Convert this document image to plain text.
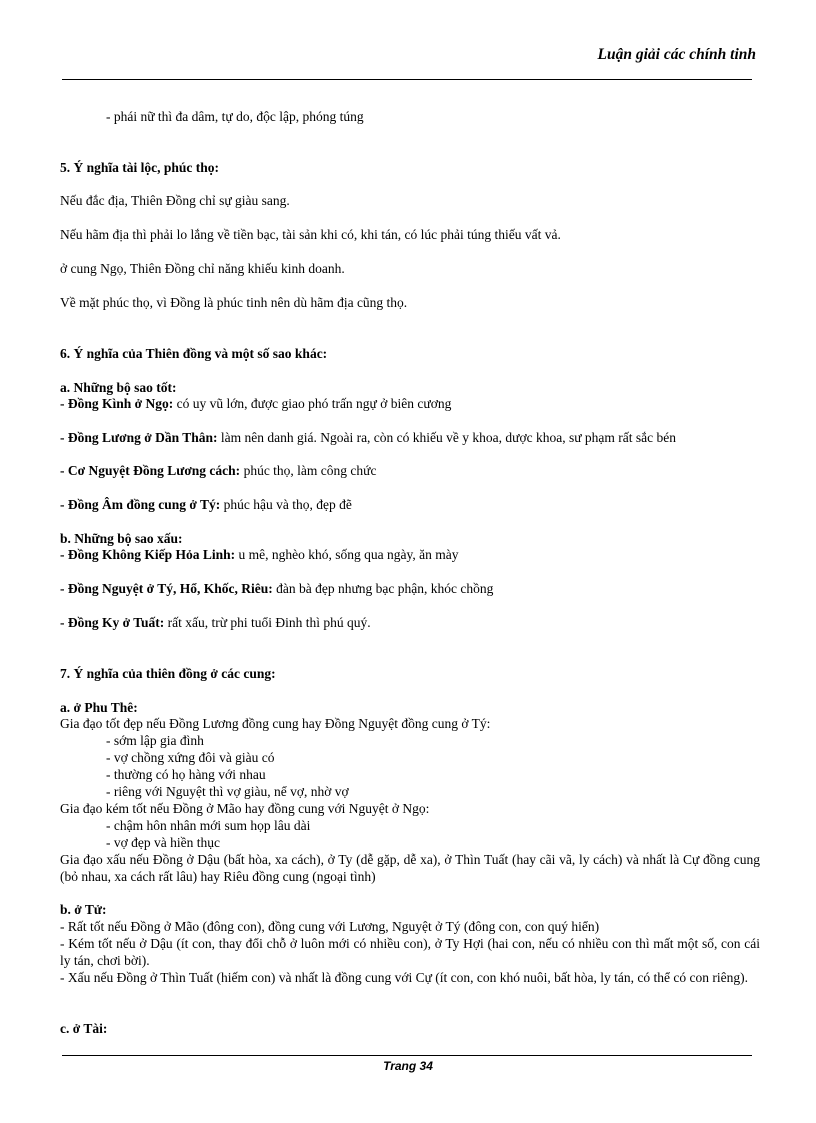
Luận giải các chính tinh
- phái nữ thì đa dâm, tự do, độc lập, phóng túng
5. Ý nghĩa tài lộc, phúc thọ:
Nếu đắc địa, Thiên Đồng chỉ sự giàu sang.
Nếu hãm địa thì phải lo lắng về tiền bạc, tài sản khi có, khi tán, có lúc phải túng thiếu vất vả.
ở cung Ngọ, Thiên Đồng chỉ năng khiếu kinh doanh.
Về mặt phúc thọ, vì Đồng là phúc tinh nên dù hãm địa cũng thọ.
6. Ý nghĩa của Thiên đồng và một số sao khác:
a. Những bộ sao tốt:
- Đồng Kình ở Ngọ: có uy vũ lớn, được giao phó trấn ngự ở biên cương
- Đồng Lương ở Dần Thân: làm nên danh giá. Ngoài ra, còn có khiếu về y khoa, dược khoa, sư phạm rất sắc bén
- Cơ Nguyệt Đồng Lương cách: phúc thọ, làm công chức
- Đồng Âm đồng cung ở Tý: phúc hậu và thọ, đẹp đẽ
b. Những bộ sao xấu:
- Đồng Không Kiếp Hỏa Linh: u mê, nghèo khó, sống qua ngày, ăn mày
- Đồng Nguyệt ở Tý, Hổ, Khốc, Riêu: đàn bà đẹp nhưng bạc phận, khóc chồng
- Đồng Ky ở Tuất: rất xấu, trừ phi tuổi Đinh thì phú quý.
7. Ý nghĩa của thiên đồng ở các cung:
a. ở Phu Thê:
Gia đạo tốt đẹp nếu Đồng Lương đồng cung hay Đồng Nguyệt đồng cung ở Tý:
- sớm lập gia đình
- vợ chồng xứng đôi và giàu có
- thường có họ hàng với nhau
- riêng với Nguyệt thì vợ giàu, nể vợ, nhờ vợ
Gia đạo kém tốt nếu Đồng ở Mão hay đồng cung với Nguyệt ở Ngọ:
- chậm hôn nhân mới sum họp lâu dài
- vợ đẹp và hiền thục
Gia đạo xấu nếu Đồng ở Dậu (bất hòa, xa cách), ở Ty (dễ gặp, dễ xa), ở Thìn Tuất (hay cãi vã, ly cách) và nhất là Cự đồng cung (bỏ nhau, xa cách rất lâu) hay Riêu đồng cung (ngoại tình)
b. ở Tử:
- Rất tốt nếu Đồng ở Mão (đông con), đồng cung với Lương, Nguyệt ở Tý (đông con, con quý hiển)
- Kém tốt nếu ở Dậu (ít con, thay đổi chỗ ở luôn mới có nhiều con), ở Ty Hợi (hai con, nếu có nhiều con thì mất một số, con cái ly tán, chơi bời).
- Xấu nếu Đồng ở Thìn Tuất (hiếm con) và nhất là đồng cung với Cự (ít con, con khó nuôi, bất hòa, ly tán, có thể có con riêng).
c. ở Tài:
Trang 34
